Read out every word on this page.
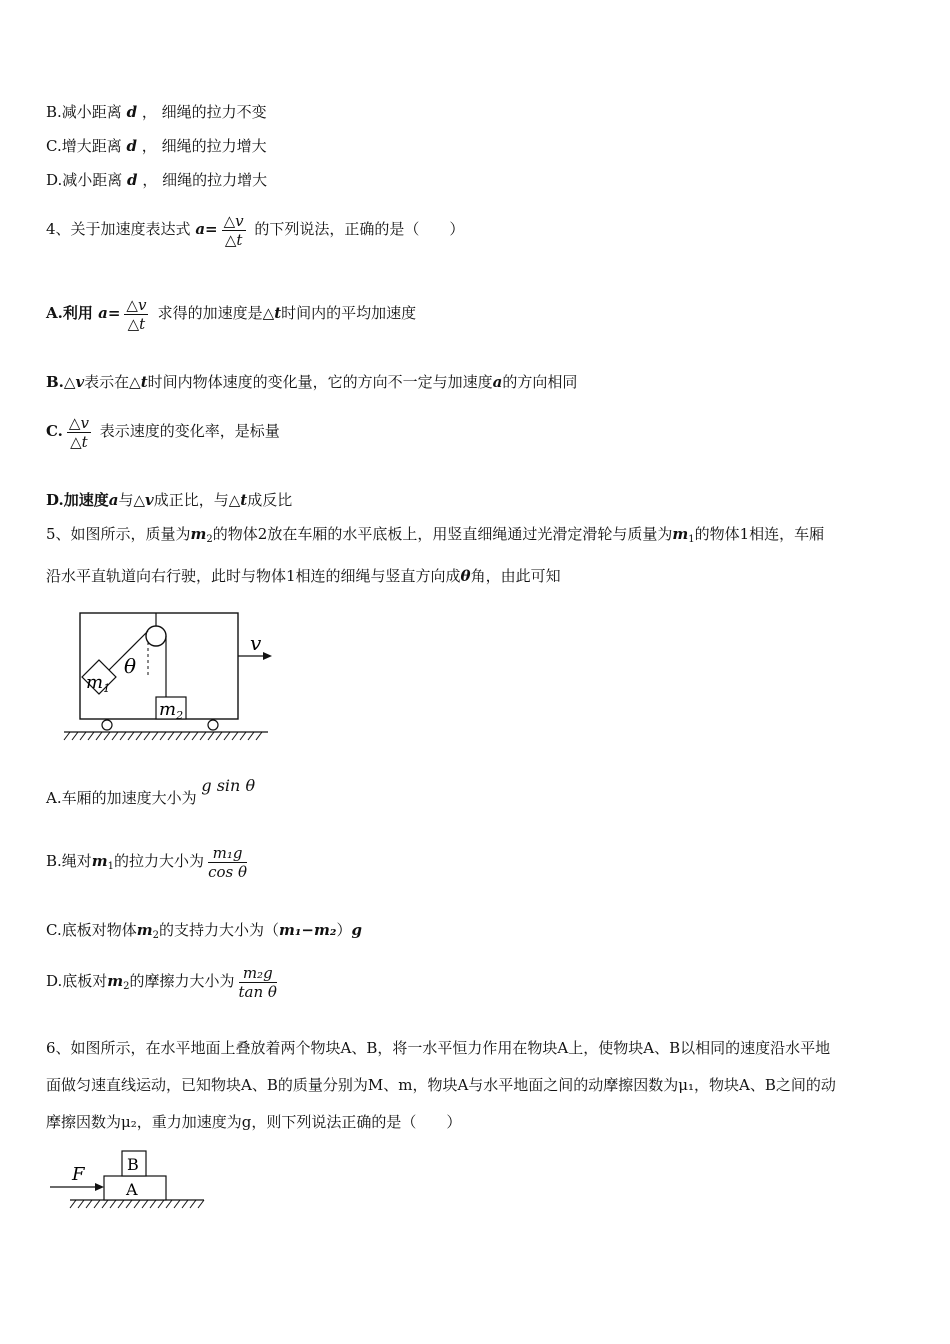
B.减小距离 d ， 细绳的拉力不变
C.增大距离 d ， 细绳的拉力增大
D.减小距离 d ， 细绳的拉力增大
4、关于加速度表达式 $a= \frac{\triangle v}{\triangle t}$ 的下列说法，正确的是（　　）
A.利用 $a= \frac{\triangle v}{\triangle t}$ 求得的加速度是△t时间内的平均加速度
B.△v表示在△t时间内物体速度的变化量，它的方向不一定与加速度a的方向相同
C. $\frac{\triangle v}{\triangle t}$ 表示速度的变化率，是标量
D.加速度a与△v成正比，与△t成反比
5、如图所示，质量为$m_2$的物体2放在车厢的水平底板上，用竖直细绳通过光滑定滑轮与质量为$m_1$的物体1相连，车厢
沿水平直轨道向右行驶，此时与物体1相连的细绳与竖直方向成θ角，由此可知
$m_1$
$m_2$
θ
v
A.车厢的加速度大小为 g sin θ
B.绳对$m_1$的拉力大小为 $\frac{\text{m₁g}}{\text{cos θ}}$
C.底板对物体$m_2$的支持力大小为（m₁−m₂）g
D.底板对$m_2$的摩擦力大小为 $\frac{\text{m₂g}}{\text{tan θ}}$
6、如图所示，在水平地面上叠放着两个物块A、B，将一水平恒力作用在物块A上，使物块A、B以相同的速度沿水平地
面做匀速直线运动，已知物块A、B的质量分别为M、m，物块A与水平地面之间的动摩擦因数为μ₁，物块A、B之间的动
摩擦因数为μ₂，重力加速度为g，则下列说法正确的是（　　）
A
B
F
